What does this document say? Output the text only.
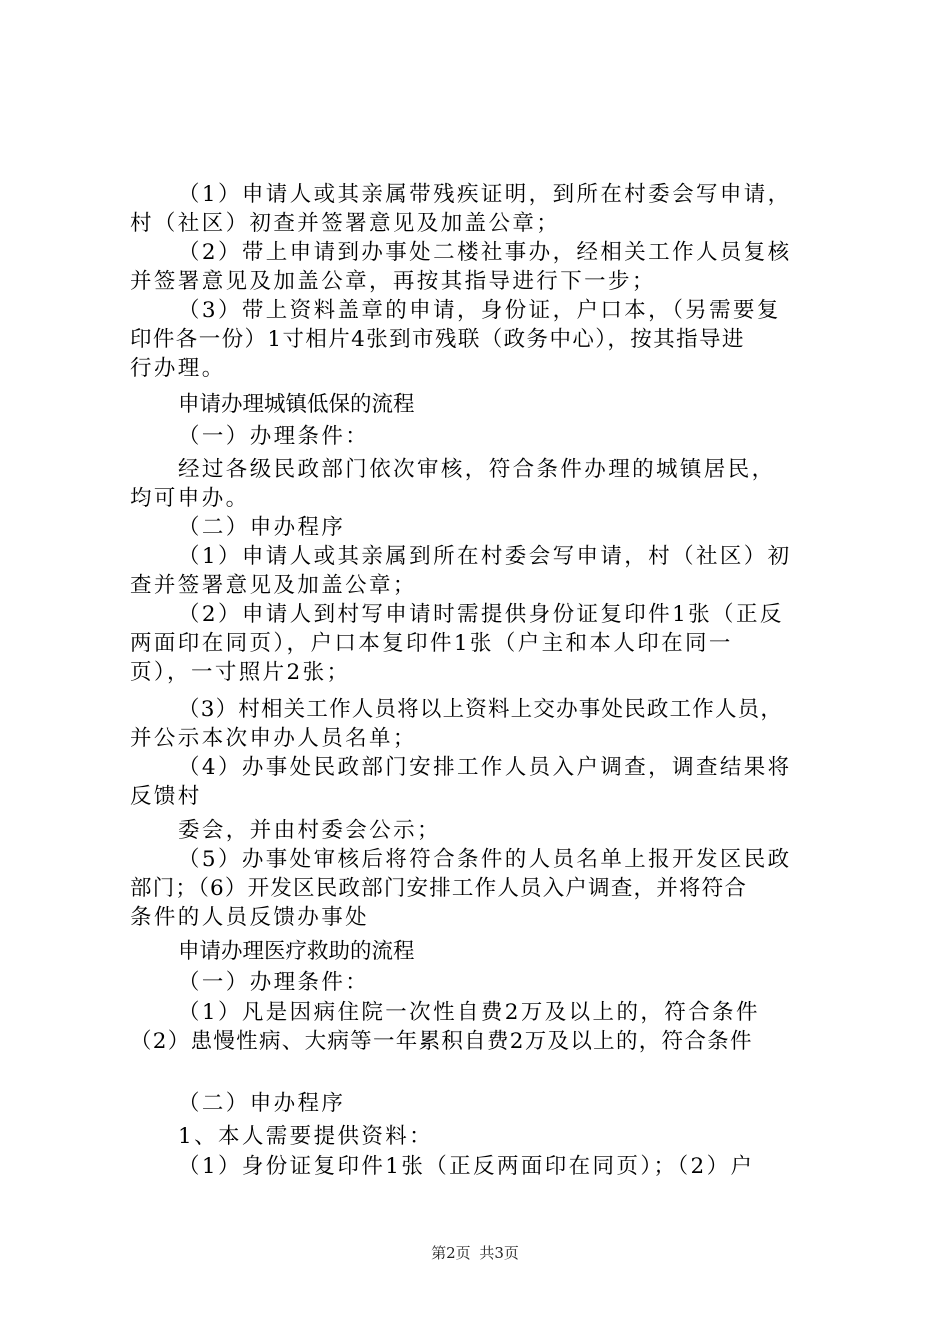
（1）申请人或其亲属带残疾证明，到所在村委会写申请，
村（社区）初查并签署意见及加盖公章；
（2）带上申请到办事处二楼社事办，经相关工作人员复核
并签署意见及加盖公章，再按其指导进行下一步；
（3）带上资料盖章的申请，身份证，户口本，（另需要复
印件各一份）1寸相片4张到市残联（政务中心），按其指导进
行办理。
申请办理城镇低保的流程
（一）办理条件：
经过各级民政部门依次审核，符合条件办理的城镇居民，
均可申办。
（二）申办程序
（1）申请人或其亲属到所在村委会写申请，村（社区）初
查并签署意见及加盖公章；
（2）申请人到村写申请时需提供身份证复印件1张（正反
两面印在同页），户口本复印件1张（户主和本人印在同一
页），一寸照片2张；
（3）村相关工作人员将以上资料上交办事处民政工作人员，
并公示本次申办人员名单；
（4）办事处民政部门安排工作人员入户调查，调查结果将
反馈村
委会，并由村委会公示；
（5）办事处审核后将符合条件的人员名单上报开发区民政
部门；（6）开发区民政部门安排工作人员入户调查，并将符合
条件的人员反馈办事处
申请办理医疗救助的流程
（一）办理条件：
（1）凡是因病住院一次性自费2万及以上的，符合条件
（2）患慢性病、大病等一年累积自费2万及以上的，符合条件
（二）申办程序
1、本人需要提供资料：
（1）身份证复印件1张（正反两面印在同页）；（2）户
第2页 共3页
